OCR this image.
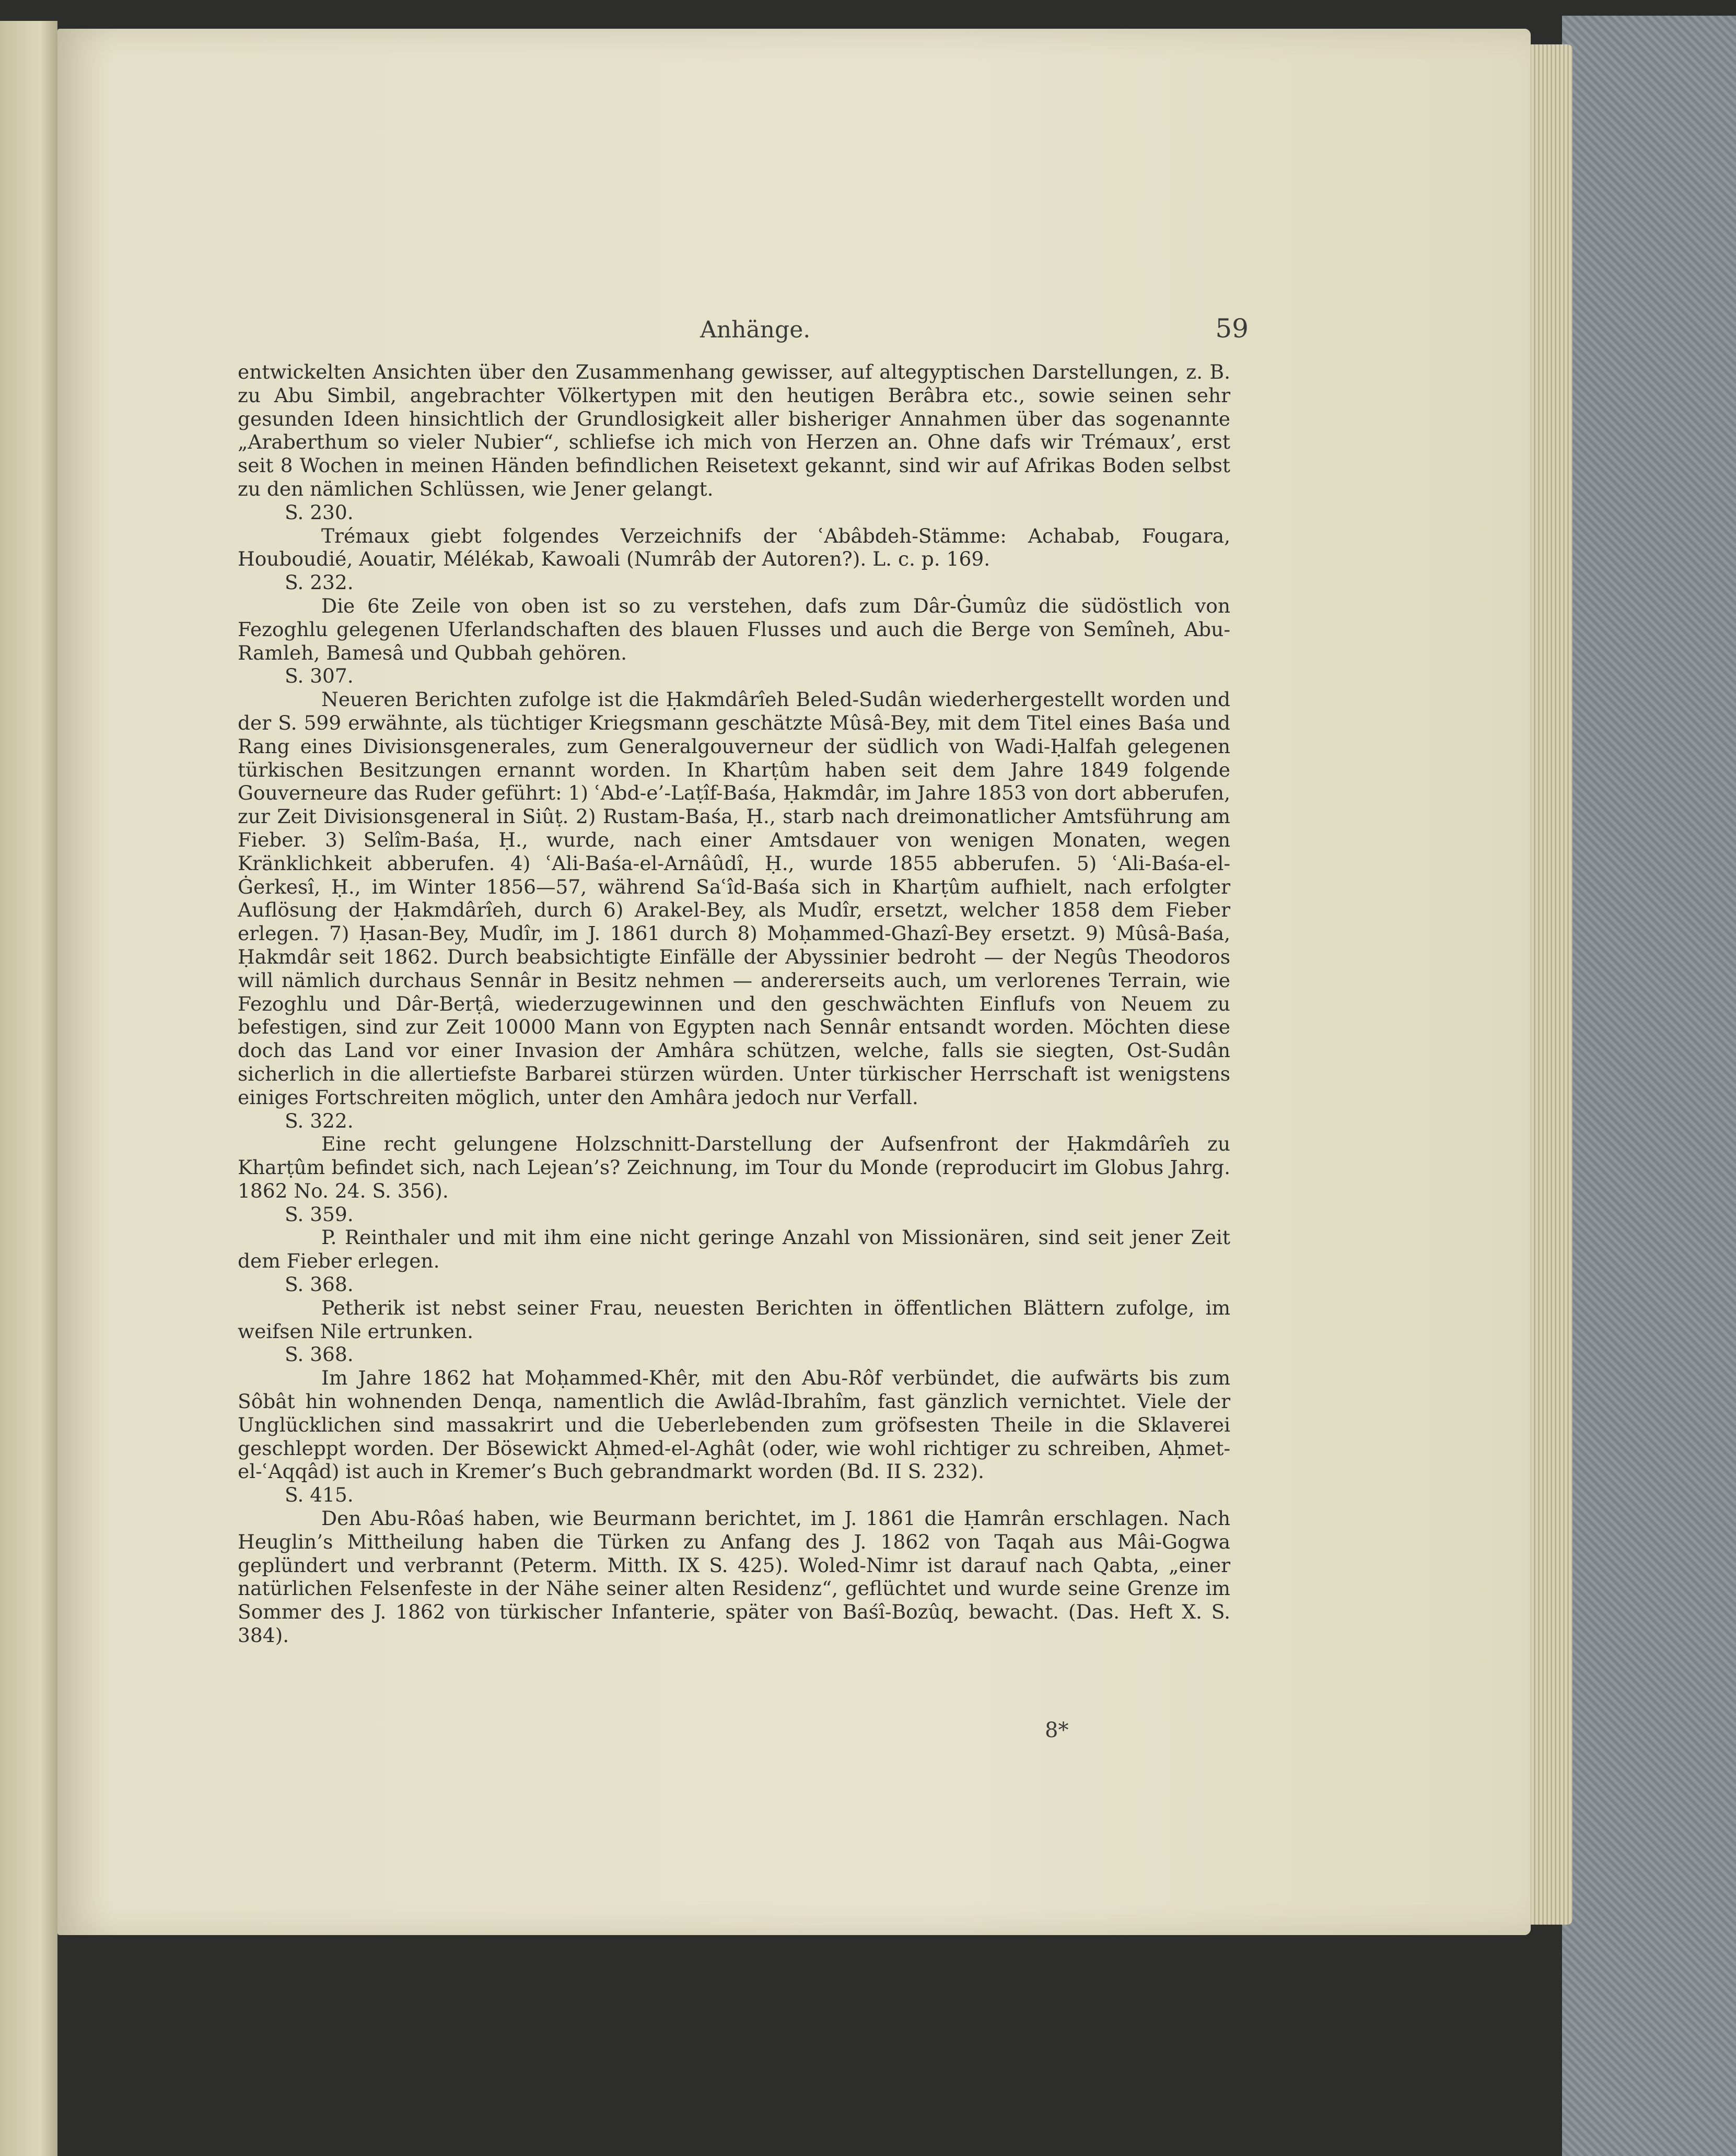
Anhänge.	59

entwickelten Ansichten über den Zusammenhang gewisser, auf altegyptischen Darstellungen, z. B. zu Abu Simbil, angebrachter Völkertypen mit den heutigen Berâbra etc., sowie seinen sehr gesunden Ideen hinsichtlich der Grundlosigkeit aller bisheriger Annahmen über das sogenannte „Araberthum so vieler Nubier“, schliefse ich mich von Herzen an. Ohne dafs wir Trémaux’, erst seit 8 Wochen in meinen Händen befindlichen Reisetext gekannt, sind wir auf Afrikas Boden selbst zu den nämlichen Schlüssen, wie Jener gelangt.

S. 230.

Trémaux giebt folgendes Verzeichnifs der ʿAbâbdeh-Stämme: Achabab, Fougara, Houboudié, Aouatir, Mélékab, Kawoali (Numrâb der Autoren?). L. c. p. 169.

S. 232.

Die 6te Zeile von oben ist so zu verstehen, dafs zum Dâr-Ġumûz die südöstlich von Fezoghlu gelegenen Uferlandschaften des blauen Flusses und auch die Berge von Semîneh, Abu-Ramleh, Bamesâ und Qubbah gehören.

S. 307.

Neueren Berichten zufolge ist die Ḥakmdârîeh Beled-Sudân wiederhergestellt worden und der S. 599 erwähnte, als tüchtiger Kriegsmann geschätzte Mûsâ-Bey, mit dem Titel eines Baśa und Rang eines Divisionsgenerales, zum Generalgouverneur der südlich von Wadi-Ḥalfah gelegenen türkischen Besitzungen ernannt worden. In Kharṭûm haben seit dem Jahre 1849 folgende Gouverneure das Ruder geführt: 1) ʿAbd-e’-Laṭîf-Baśa, Ḥakmdâr, im Jahre 1853 von dort abberufen, zur Zeit Divisionsgeneral in Siûṭ. 2) Rustam-Baśa, Ḥ., starb nach dreimonatlicher Amtsführung am Fieber. 3) Selîm-Baśa, Ḥ., wurde, nach einer Amtsdauer von wenigen Monaten, wegen Kränklichkeit abberufen. 4) ʿAli-Baśa-el-Arnâûdî, Ḥ., wurde 1855 abberufen. 5) ʿAli-Baśa-el-Ġerkesî, Ḥ., im Winter 1856—57, während Saʿîd-Baśa sich in Kharṭûm aufhielt, nach erfolgter Auflösung der Ḥakmdârîeh, durch 6) Arakel-Bey, als Mudîr, ersetzt, welcher 1858 dem Fieber erlegen. 7) Ḥasan-Bey, Mudîr, im J. 1861 durch 8) Moḥammed-Ghazî-Bey ersetzt. 9) Mûsâ-Baśa, Ḥakmdâr seit 1862. Durch beabsichtigte Einfälle der Abyssinier bedroht — der Negûs Theodoros will nämlich durchaus Sennâr in Besitz nehmen — andererseits auch, um verlorenes Terrain, wie Fezoghlu und Dâr-Berṭâ, wiederzugewinnen und den geschwächten Einflufs von Neuem zu befestigen, sind zur Zeit 10000 Mann von Egypten nach Sennâr entsandt worden. Möchten diese doch das Land vor einer Invasion der Amhâra schützen, welche, falls sie siegten, Ost-Sudân sicherlich in die allertiefste Barbarei stürzen würden. Unter türkischer Herrschaft ist wenigstens einiges Fortschreiten möglich, unter den Amhâra jedoch nur Verfall.

S. 322.

Eine recht gelungene Holzschnitt-Darstellung der Aufsenfront der Ḥakmdârîeh zu Kharṭûm befindet sich, nach Lejean’s? Zeichnung, im Tour du Monde (reproducirt im Globus Jahrg. 1862 No. 24. S. 356).

S. 359.

P. Reinthaler und mit ihm eine nicht geringe Anzahl von Missionären, sind seit jener Zeit dem Fieber erlegen.

S. 368.

Petherik ist nebst seiner Frau, neuesten Berichten in öffentlichen Blättern zufolge, im weifsen Nile ertrunken.

S. 368.

Im Jahre 1862 hat Moḥammed-Khêr, mit den Abu-Rôf verbündet, die aufwärts bis zum Sôbât hin wohnenden Denqa, namentlich die Awlâd-Ibrahîm, fast gänzlich vernichtet. Viele der Unglücklichen sind massakrirt und die Ueberlebenden zum gröfsesten Theile in die Sklaverei geschleppt worden. Der Bösewickt Aḥmed-el-Aghât (oder, wie wohl richtiger zu schreiben, Aḥmet-el-ʿAqqâd) ist auch in Kremer’s Buch gebrandmarkt worden (Bd. II S. 232).

S. 415.

Den Abu-Rôaś haben, wie Beurmann berichtet, im J. 1861 die Ḥamrân erschlagen. Nach Heuglin’s Mittheilung haben die Türken zu Anfang des J. 1862 von Taqah aus Mâi-Gogwa geplündert und verbrannt (Peterm. Mitth. IX S. 425). Woled-Nimr ist darauf nach Qabta, „einer natürlichen Felsenfeste in der Nähe seiner alten Residenz“, geflüchtet und wurde seine Grenze im Sommer des J. 1862 von türkischer Infanterie, später von Baśî-Bozûq, bewacht. (Das. Heft X. S. 384).

8*
